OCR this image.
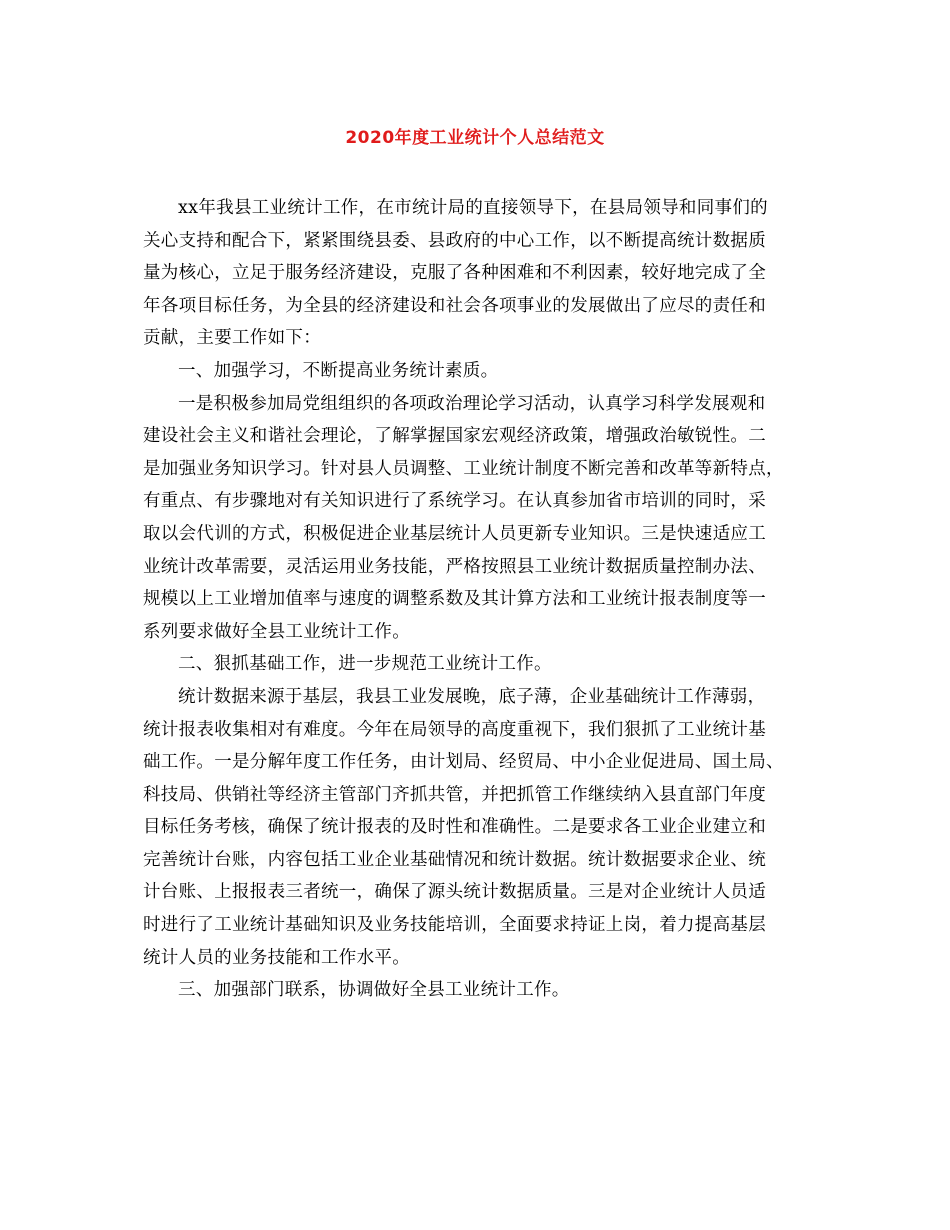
2020年度工业统计个人总结范文

xx年我县工业统计工作，在市统计局的直接领导下，在县局领导和同事们的
关心支持和配合下，紧紧围绕县委、县政府的中心工作，以不断提高统计数据质
量为核心，立足于服务经济建设，克服了各种困难和不利因素，较好地完成了全
年各项目标任务，为全县的经济建设和社会各项事业的发展做出了应尽的责任和
贡献，主要工作如下：

一、加强学习，不断提高业务统计素质。

一是积极参加局党组组织的各项政治理论学习活动，认真学习科学发展观和
建设社会主义和谐社会理论，了解掌握国家宏观经济政策，增强政治敏锐性。二
是加强业务知识学习。针对县人员调整、工业统计制度不断完善和改革等新特点，
有重点、有步骤地对有关知识进行了系统学习。在认真参加省市培训的同时，采
取以会代训的方式，积极促进企业基层统计人员更新专业知识。三是快速适应工
业统计改革需要，灵活运用业务技能，严格按照县工业统计数据质量控制办法、
规模以上工业增加值率与速度的调整系数及其计算方法和工业统计报表制度等一
系列要求做好全县工业统计工作。

二、狠抓基础工作，进一步规范工业统计工作。

统计数据来源于基层，我县工业发展晚，底子薄，企业基础统计工作薄弱，
统计报表收集相对有难度。今年在局领导的高度重视下，我们狠抓了工业统计基
础工作。一是分解年度工作任务，由计划局、经贸局、中小企业促进局、国土局、
科技局、供销社等经济主管部门齐抓共管，并把抓管工作继续纳入县直部门年度
目标任务考核，确保了统计报表的及时性和准确性。二是要求各工业企业建立和
完善统计台账，内容包括工业企业基础情况和统计数据。统计数据要求企业、统
计台账、上报报表三者统一，确保了源头统计数据质量。三是对企业统计人员适
时进行了工业统计基础知识及业务技能培训，全面要求持证上岗，着力提高基层
统计人员的业务技能和工作水平。

三、加强部门联系，协调做好全县工业统计工作。
